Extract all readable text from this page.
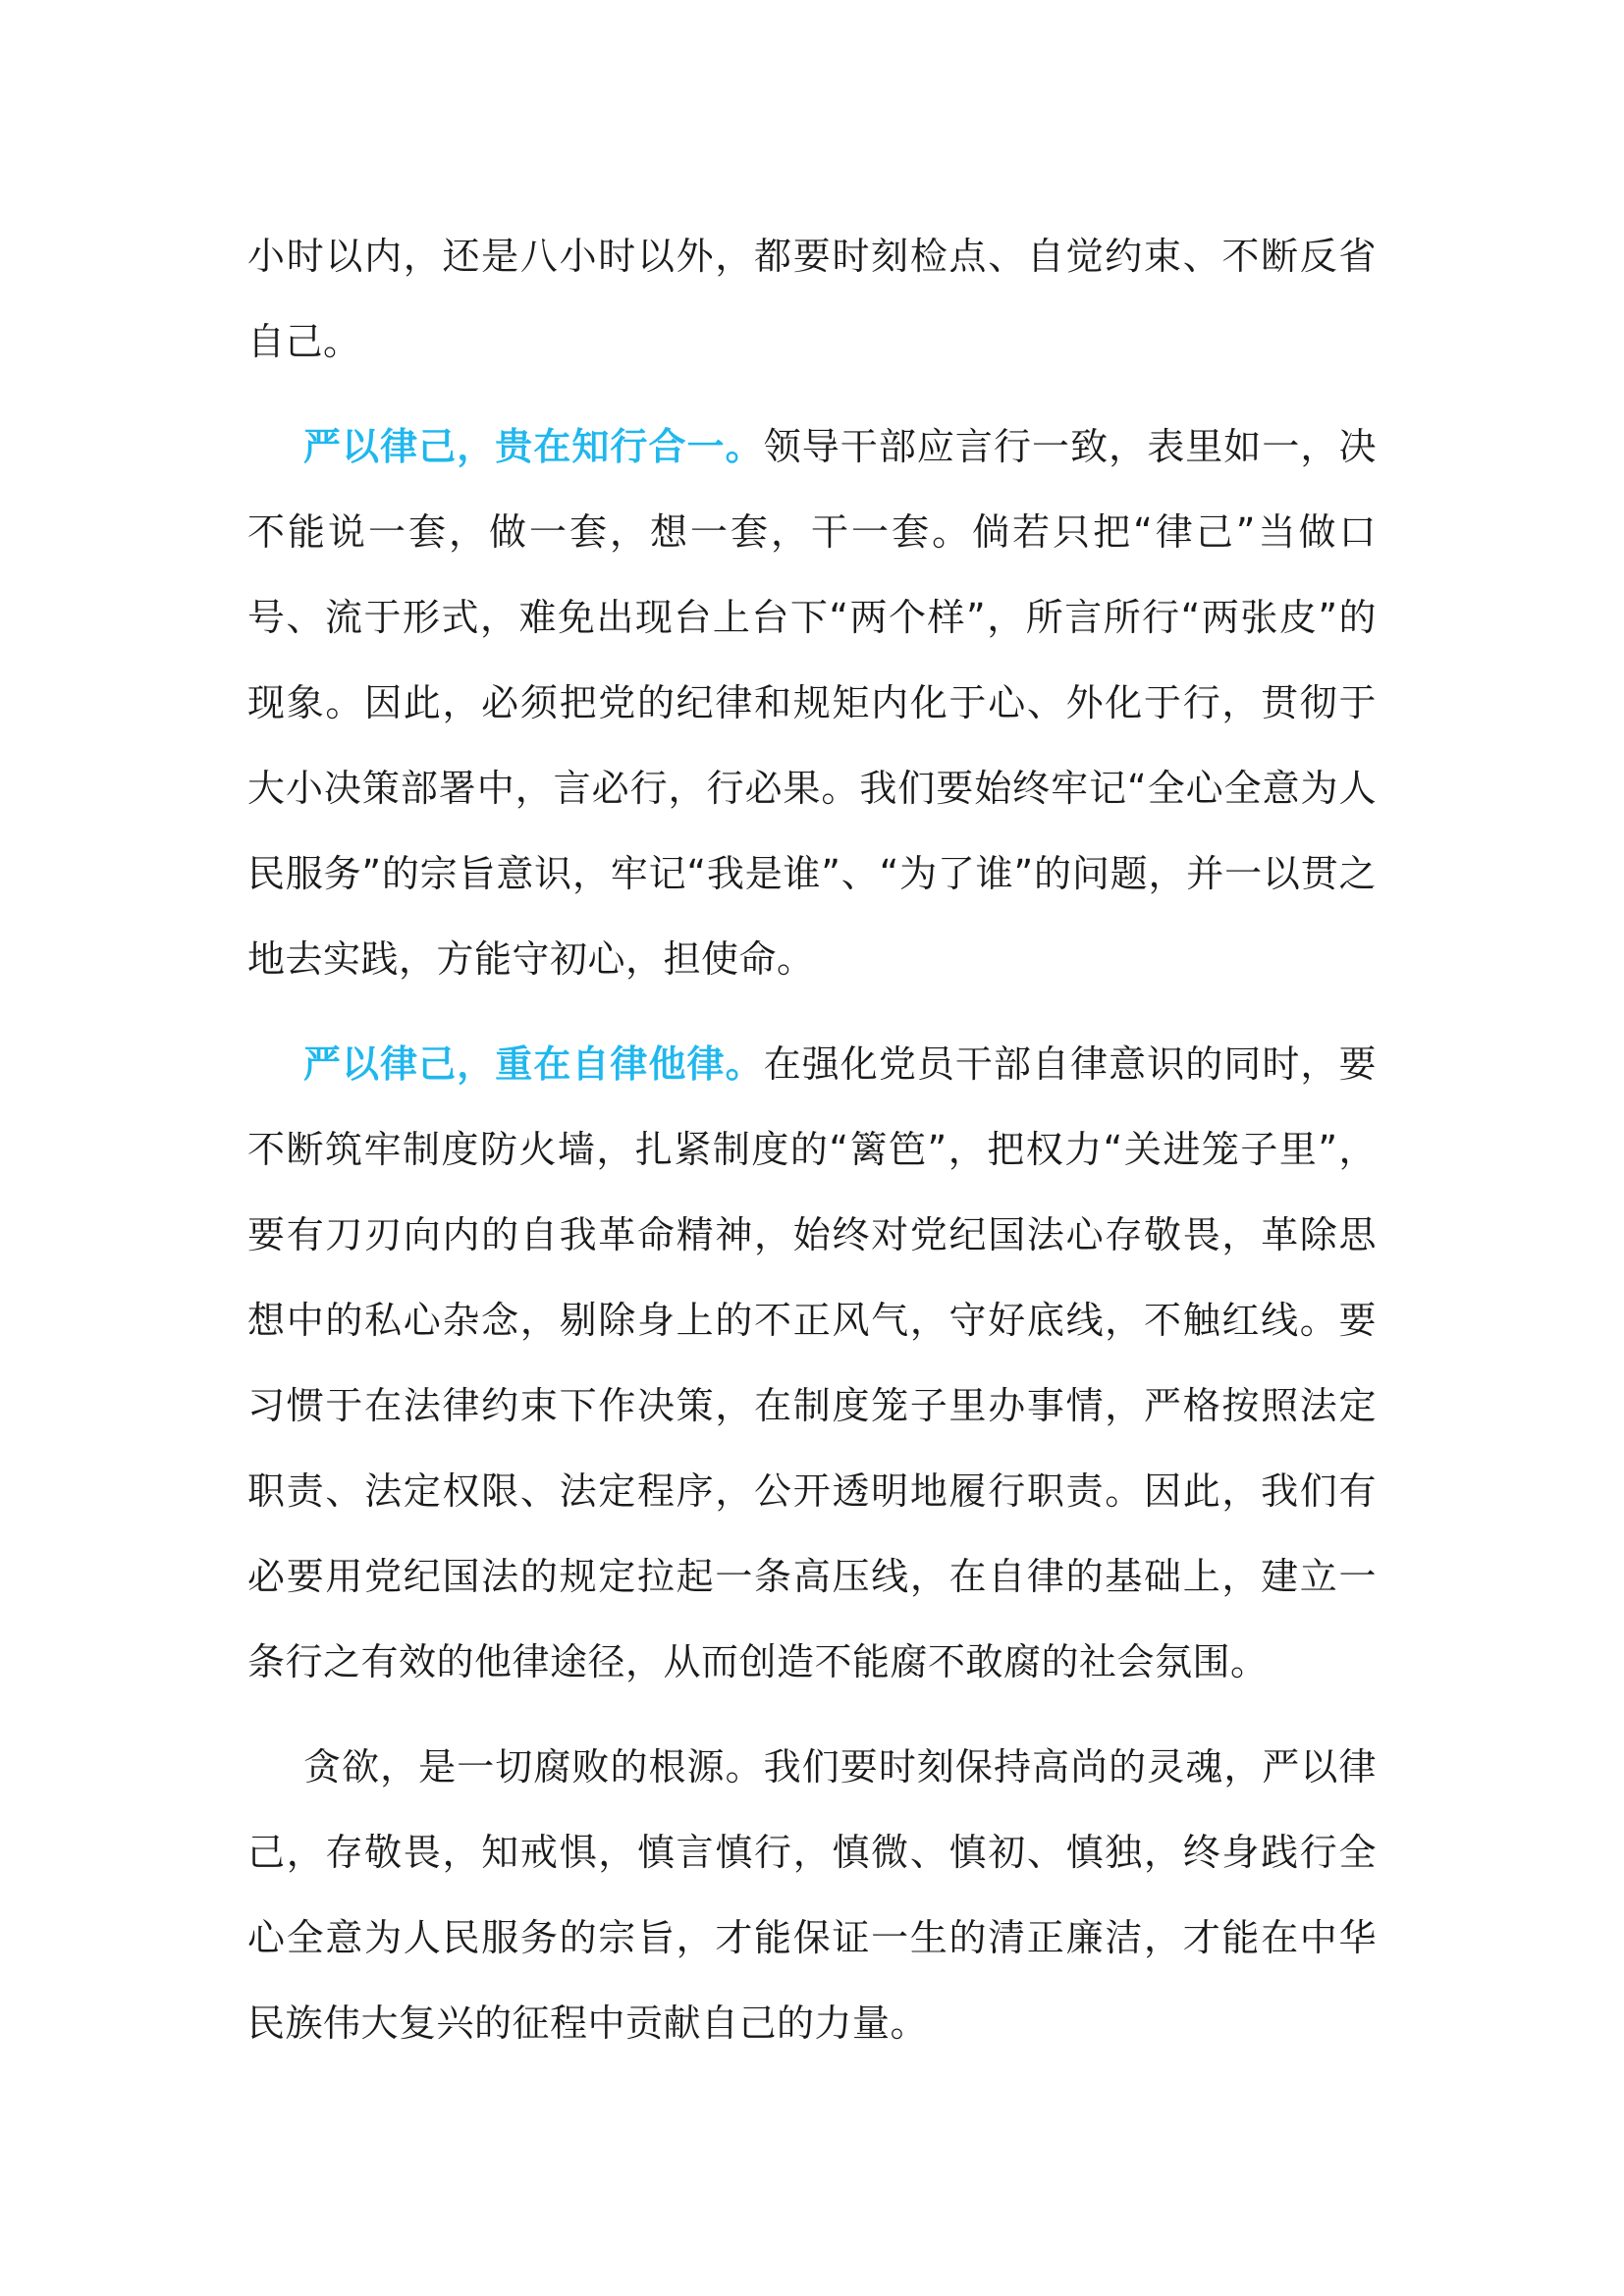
小时以内，还是八小时以外，都要时刻检点、自觉约束、不断反省自己。

严以律己，贵在知行合一。领导干部应言行一致，表里如一，决不能说一套，做一套，想一套，干一套。倘若只把“律己”当做口号、流于形式，难免出现台上台下“两个样”，所言所行“两张皮”的现象。因此，必须把党的纪律和规矩内化于心、外化于行，贯彻于大小决策部署中，言必行，行必果。我们要始终牢记“全心全意为人民服务”的宗旨意识，牢记“我是谁”、“为了谁”的问题，并一以贯之地去实践，方能守初心，担使命。

严以律己，重在自律他律。在强化党员干部自律意识的同时，要不断筑牢制度防火墙，扎紧制度的“篱笆”，把权力“关进笼子里”，要有刀刃向内的自我革命精神，始终对党纪国法心存敬畏，革除思想中的私心杂念，剔除身上的不正风气，守好底线，不触红线。要习惯于在法律约束下作决策，在制度笼子里办事情，严格按照法定职责、法定权限、法定程序，公开透明地履行职责。因此，我们有必要用党纪国法的规定拉起一条高压线，在自律的基础上，建立一条行之有效的他律途径，从而创造不能腐不敢腐的社会氛围。

贪欲，是一切腐败的根源。我们要时刻保持高尚的灵魂，严以律己，存敬畏，知戒惧，慎言慎行，慎微、慎初、慎独，终身践行全心全意为人民服务的宗旨，才能保证一生的清正廉洁，才能在中华民族伟大复兴的征程中贡献自己的力量。
